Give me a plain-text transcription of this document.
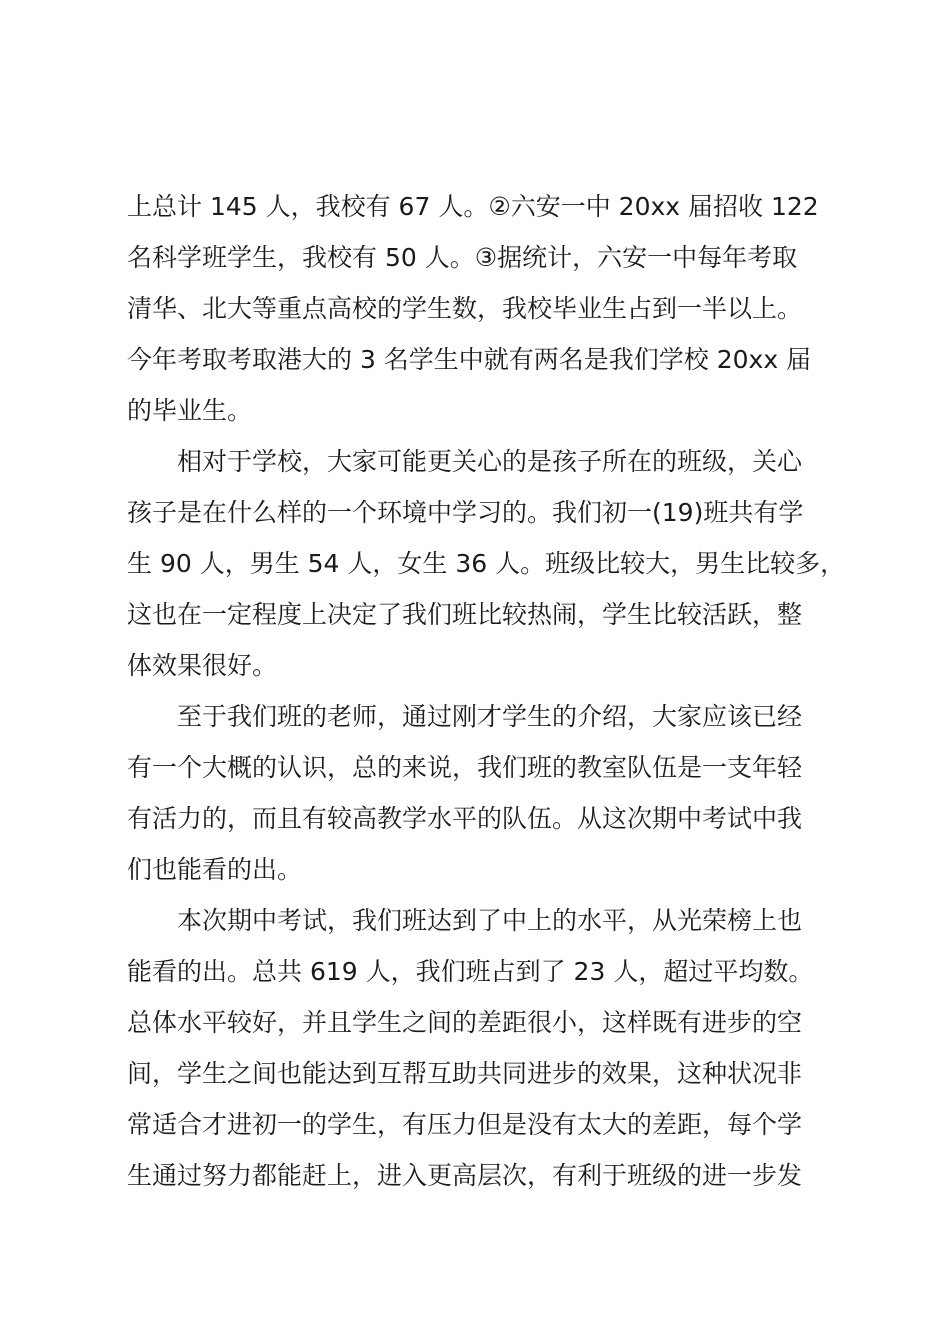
上总计 145 人，我校有 67 人。②六安一中 20xx 届招收 122
名科学班学生，我校有 50 人。③据统计，六安一中每年考取
清华、北大等重点高校的学生数，我校毕业生占到一半以上。
今年考取考取港大的 3 名学生中就有两名是我们学校 20xx 届
的毕业生。
相对于学校，大家可能更关心的是孩子所在的班级，关心
孩子是在什么样的一个环境中学习的。我们初一(19)班共有学
生 90 人，男生 54 人，女生 36 人。班级比较大，男生比较多，
这也在一定程度上决定了我们班比较热闹，学生比较活跃，整
体效果很好。
至于我们班的老师，通过刚才学生的介绍，大家应该已经
有一个大概的认识，总的来说，我们班的教室队伍是一支年轻
有活力的，而且有较高教学水平的队伍。从这次期中考试中我
们也能看的出。
本次期中考试，我们班达到了中上的水平，从光荣榜上也
能看的出。总共 619 人，我们班占到了 23 人，超过平均数。
总体水平较好，并且学生之间的差距很小，这样既有进步的空
间，学生之间也能达到互帮互助共同进步的效果，这种状况非
常适合才进初一的学生，有压力但是没有太大的差距，每个学
生通过努力都能赶上，进入更高层次，有利于班级的进一步发
